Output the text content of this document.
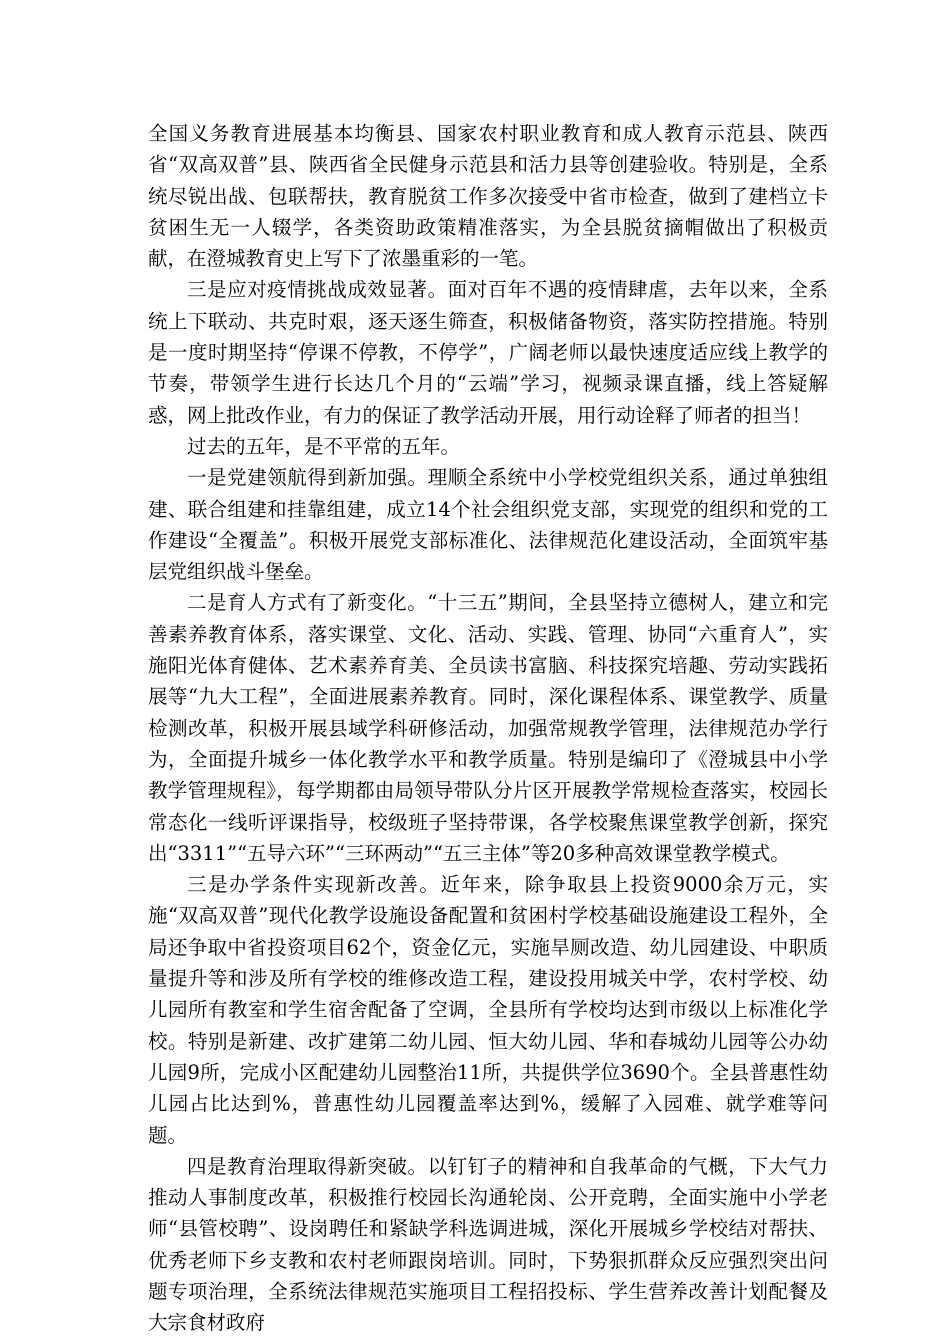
全国义务教育进展基本均衡县、国家农村职业教育和成人教育示范县、陕西省“双高双普”县、陕西省全民健身示范县和活力县等创建验收。特别是，全系统尽锐出战、包联帮扶，教育脱贫工作多次接受中省市检查，做到了建档立卡贫困生无一人辍学，各类资助政策精准落实，为全县脱贫摘帽做出了积极贡献，在澄城教育史上写下了浓墨重彩的一笔。

三是应对疫情挑战成效显著。面对百年不遇的疫情肆虐，去年以来，全系统上下联动、共克时艰，逐天逐生筛查，积极储备物资，落实防控措施。特别是一度时期坚持“停课不停教，不停学”，广阔老师以最快速度适应线上教学的节奏，带领学生进行长达几个月的“云端”学习，视频录课直播，线上答疑解惑，网上批改作业，有力的保证了教学活动开展，用行动诠释了师者的担当！

过去的五年，是不平常的五年。

一是党建领航得到新加强。理顺全系统中小学校党组织关系，通过单独组建、联合组建和挂靠组建，成立14个社会组织党支部，实现党的组织和党的工作建设“全覆盖”。积极开展党支部标准化、法律规范化建设活动，全面筑牢基层党组织战斗堡垒。

二是育人方式有了新变化。“十三五”期间，全县坚持立德树人，建立和完善素养教育体系，落实课堂、文化、活动、实践、管理、协同“六重育人”，实施阳光体育健体、艺术素养育美、全员读书富脑、科技探究培趣、劳动实践拓展等“九大工程”，全面进展素养教育。同时，深化课程体系、课堂教学、质量检测改革，积极开展县域学科研修活动，加强常规教学管理，法律规范办学行为，全面提升城乡一体化教学水平和教学质量。特别是编印了《澄城县中小学教学管理规程》，每学期都由局领导带队分片区开展教学常规检查落实，校园长常态化一线听评课指导，校级班子坚持带课，各学校聚焦课堂教学创新，探究出“3311”“五导六环”“三环两动”“五三主体”等20多种高效课堂教学模式。

三是办学条件实现新改善。近年来，除争取县上投资9000余万元，实施“双高双普”现代化教学设施设备配置和贫困村学校基础设施建设工程外，全局还争取中省投资项目62个，资金亿元，实施旱厕改造、幼儿园建设、中职质量提升等和涉及所有学校的维修改造工程，建设投用城关中学，农村学校、幼儿园所有教室和学生宿舍配备了空调，全县所有学校均达到市级以上标准化学校。特别是新建、改扩建第二幼儿园、恒大幼儿园、华和春城幼儿园等公办幼儿园9所，完成小区配建幼儿园整治11所，共提供学位3690个。全县普惠性幼儿园占比达到%，普惠性幼儿园覆盖率达到%，缓解了入园难、就学难等问题。

四是教育治理取得新突破。以钉钉子的精神和自我革命的气概，下大气力推动人事制度改革，积极推行校园长沟通轮岗、公开竞聘，全面实施中小学老师“县管校聘”、设岗聘任和紧缺学科选调进城，深化开展城乡学校结对帮扶、优秀老师下乡支教和农村老师跟岗培训。同时，下势狠抓群众反应强烈突出问题专项治理，全系统法律规范实施项目工程招投标、学生营养改善计划配餐及大宗食材政府
